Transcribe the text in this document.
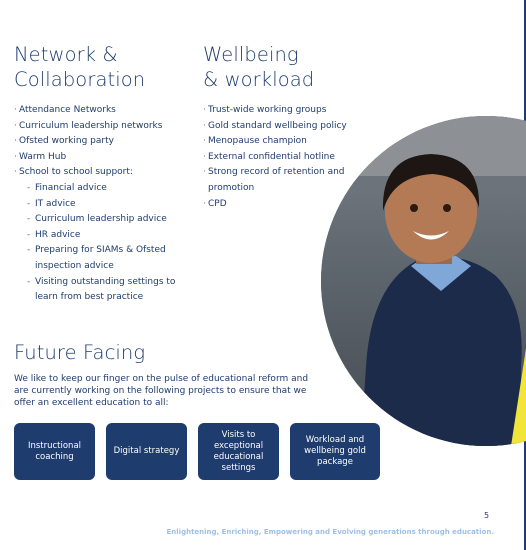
Network &
Collaboration
· Attendance Networks
· Curriculum leadership networks
· Ofsted working party
· Warm Hub
· School to school support:
- Financial advice
- IT advice
- Curriculum leadership advice
- HR advice
- Preparing for SIAMs & Ofsted inspection advice
- Visiting outstanding settings to learn from best practice
Wellbeing
& workload
· Trust-wide working groups
· Gold standard wellbeing policy
· Menopause champion
· External confidential hotline
· Strong record of retention and promotion
· CPD
Future Facing

We like to keep our finger on the pulse of educational reform and are currently working on the following projects to ensure that we offer an excellent education to all:

Instructional coaching
Digital strategy
Visits to exceptional educational settings
Workload and wellbeing gold package

5

Enlightening, Enriching, Empowering and Evolving generations through education.
